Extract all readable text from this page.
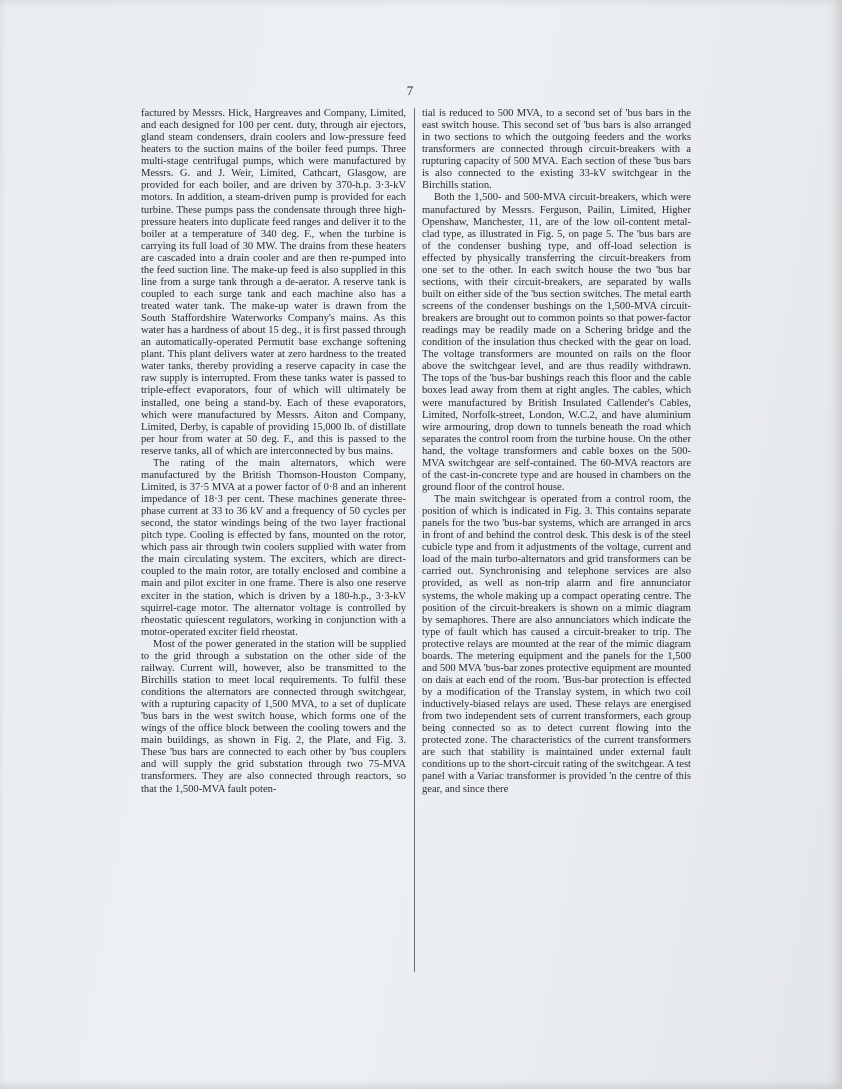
7

factured by Messrs. Hick, Hargreaves and Company, Limited, and each designed for 100 per cent. duty, through air ejectors, gland steam condensers, drain coolers and low-pressure feed heaters to the suction mains of the boiler feed pumps. Three multi-stage centrifugal pumps, which were manufactured by Messrs. G. and J. Weir, Limited, Cathcart, Glasgow, are provided for each boiler, and are driven by 370-h.p. 3·3-kV motors. In addition, a steam-driven pump is provided for each turbine. These pumps pass the condensate through three high-pressure heaters into duplicate feed ranges and deliver it to the boiler at a temperature of 340 deg. F., when the turbine is carrying its full load of 30 MW. The drains from these heaters are cascaded into a drain cooler and are then re-pumped into the feed suction line. The make-up feed is also supplied in this line from a surge tank through a de-aerator. A reserve tank is coupled to each surge tank and each machine also has a treated water tank. The make-up water is drawn from the South Staffordshire Waterworks Company's mains. As this water has a hardness of about 15 deg., it is first passed through an automatically-operated Permutit base exchange softening plant. This plant delivers water at zero hardness to the treated water tanks, thereby providing a reserve capacity in case the raw supply is interrupted. From these tanks water is passed to triple-effect evaporators, four of which will ultimately be installed, one being a stand-by. Each of these evaporators, which were manufactured by Messrs. Aiton and Company, Limited, Derby, is capable of providing 15,000 lb. of distillate per hour from water at 50 deg. F., and this is passed to the reserve tanks, all of which are interconnected by bus mains.

The rating of the main alternators, which were manufactured by the British Thomson-Houston Company, Limited, is 37·5 MVA at a power factor of 0·8 and an inherent impedance of 18·3 per cent. These machines generate three-phase current at 33 to 36 kV and a frequency of 50 cycles per second, the stator windings being of the two layer fractional pitch type. Cooling is effected by fans, mounted on the rotor, which pass air through twin coolers supplied with water from the main circulating system. The exciters, which are direct-coupled to the main rotor, are totally enclosed and combine a main and pilot exciter in one frame. There is also one reserve exciter in the station, which is driven by a 180-h.p., 3·3-kV squirrel-cage motor. The alternator voltage is controlled by rheostatic quiescent regulators, working in conjunction with a motor-operated exciter field rheostat.

Most of the power generated in the station will be supplied to the grid through a substation on the other side of the railway. Current will, however, also be transmitted to the Birchills station to meet local requirements. To fulfil these conditions the alternators are connected through switchgear, with a rupturing capacity of 1,500 MVA, to a set of duplicate 'bus bars in the west switch house, which forms one of the wings of the office block between the cooling towers and the main buildings, as shown in Fig. 2, the Plate, and Fig. 3. These 'bus bars are connected to each other by 'bus couplers and will supply the grid substation through two 75-MVA transformers. They are also connected through reactors, so that the 1,500-MVA fault poten-

tial is reduced to 500 MVA, to a second set of 'bus bars in the east switch house. This second set of 'bus bars is also arranged in two sections to which the outgoing feeders and the works transformers are connected through circuit-breakers with a rupturing capacity of 500 MVA. Each section of these 'bus bars is also connected to the existing 33-kV switchgear in the Birchills station.

Both the 1,500- and 500-MVA circuit-breakers, which were manufactured by Messrs. Ferguson, Pailin, Limited, Higher Openshaw, Manchester, 11, are of the low oil-content metal-clad type, as illustrated in Fig. 5, on page 5. The 'bus bars are of the condenser bushing type, and off-load selection is effected by physically transferring the circuit-breakers from one set to the other. In each switch house the two 'bus bar sections, with their circuit-breakers, are separated by walls built on either side of the 'bus section switches. The metal earth screens of the condenser bushings on the 1,500-MVA circuit-breakers are brought out to common points so that power-factor readings may be readily made on a Schering bridge and the condition of the insulation thus checked with the gear on load. The voltage transformers are mounted on rails on the floor above the switchgear level, and are thus readily withdrawn. The tops of the 'bus-bar bushings reach this floor and the cable boxes lead away from them at right angles. The cables, which were manufactured by British Insulated Callender's Cables, Limited, Norfolk-street, London, W.C.2, and have aluminium wire armouring, drop down to tunnels beneath the road which separates the control room from the turbine house. On the other hand, the voltage transformers and cable boxes on the 500-MVA switchgear are self-contained. The 60-MVA reactors are of the cast-in-concrete type and are housed in chambers on the ground floor of the control house.

The main switchgear is operated from a control room, the position of which is indicated in Fig. 3. This contains separate panels for the two 'bus-bar systems, which are arranged in arcs in front of and behind the control desk. This desk is of the steel cubicle type and from it adjustments of the voltage, current and load of the main turbo-alternators and grid transformers can be carried out. Synchronising and telephone services are also provided, as well as non-trip alarm and fire annunciator systems, the whole making up a compact operating centre. The position of the circuit-breakers is shown on a mimic diagram by semaphores. There are also annunciators which indicate the type of fault which has caused a circuit-breaker to trip. The protective relays are mounted at the rear of the mimic diagram boards. The metering equipment and the panels for the 1,500 and 500 MVA 'bus-bar zones protective equipment are mounted on dais at each end of the room. 'Bus-bar protection is effected by a modification of the Translay system, in which two coil inductively-biased relays are used. These relays are energised from two independent sets of current transformers, each group being connected so as to detect current flowing into the protected zone. The characteristics of the current transformers are such that stability is maintained under external fault conditions up to the short-circuit rating of the switchgear. A test panel with a Variac transformer is provided 'n the centre of this gear, and since there
